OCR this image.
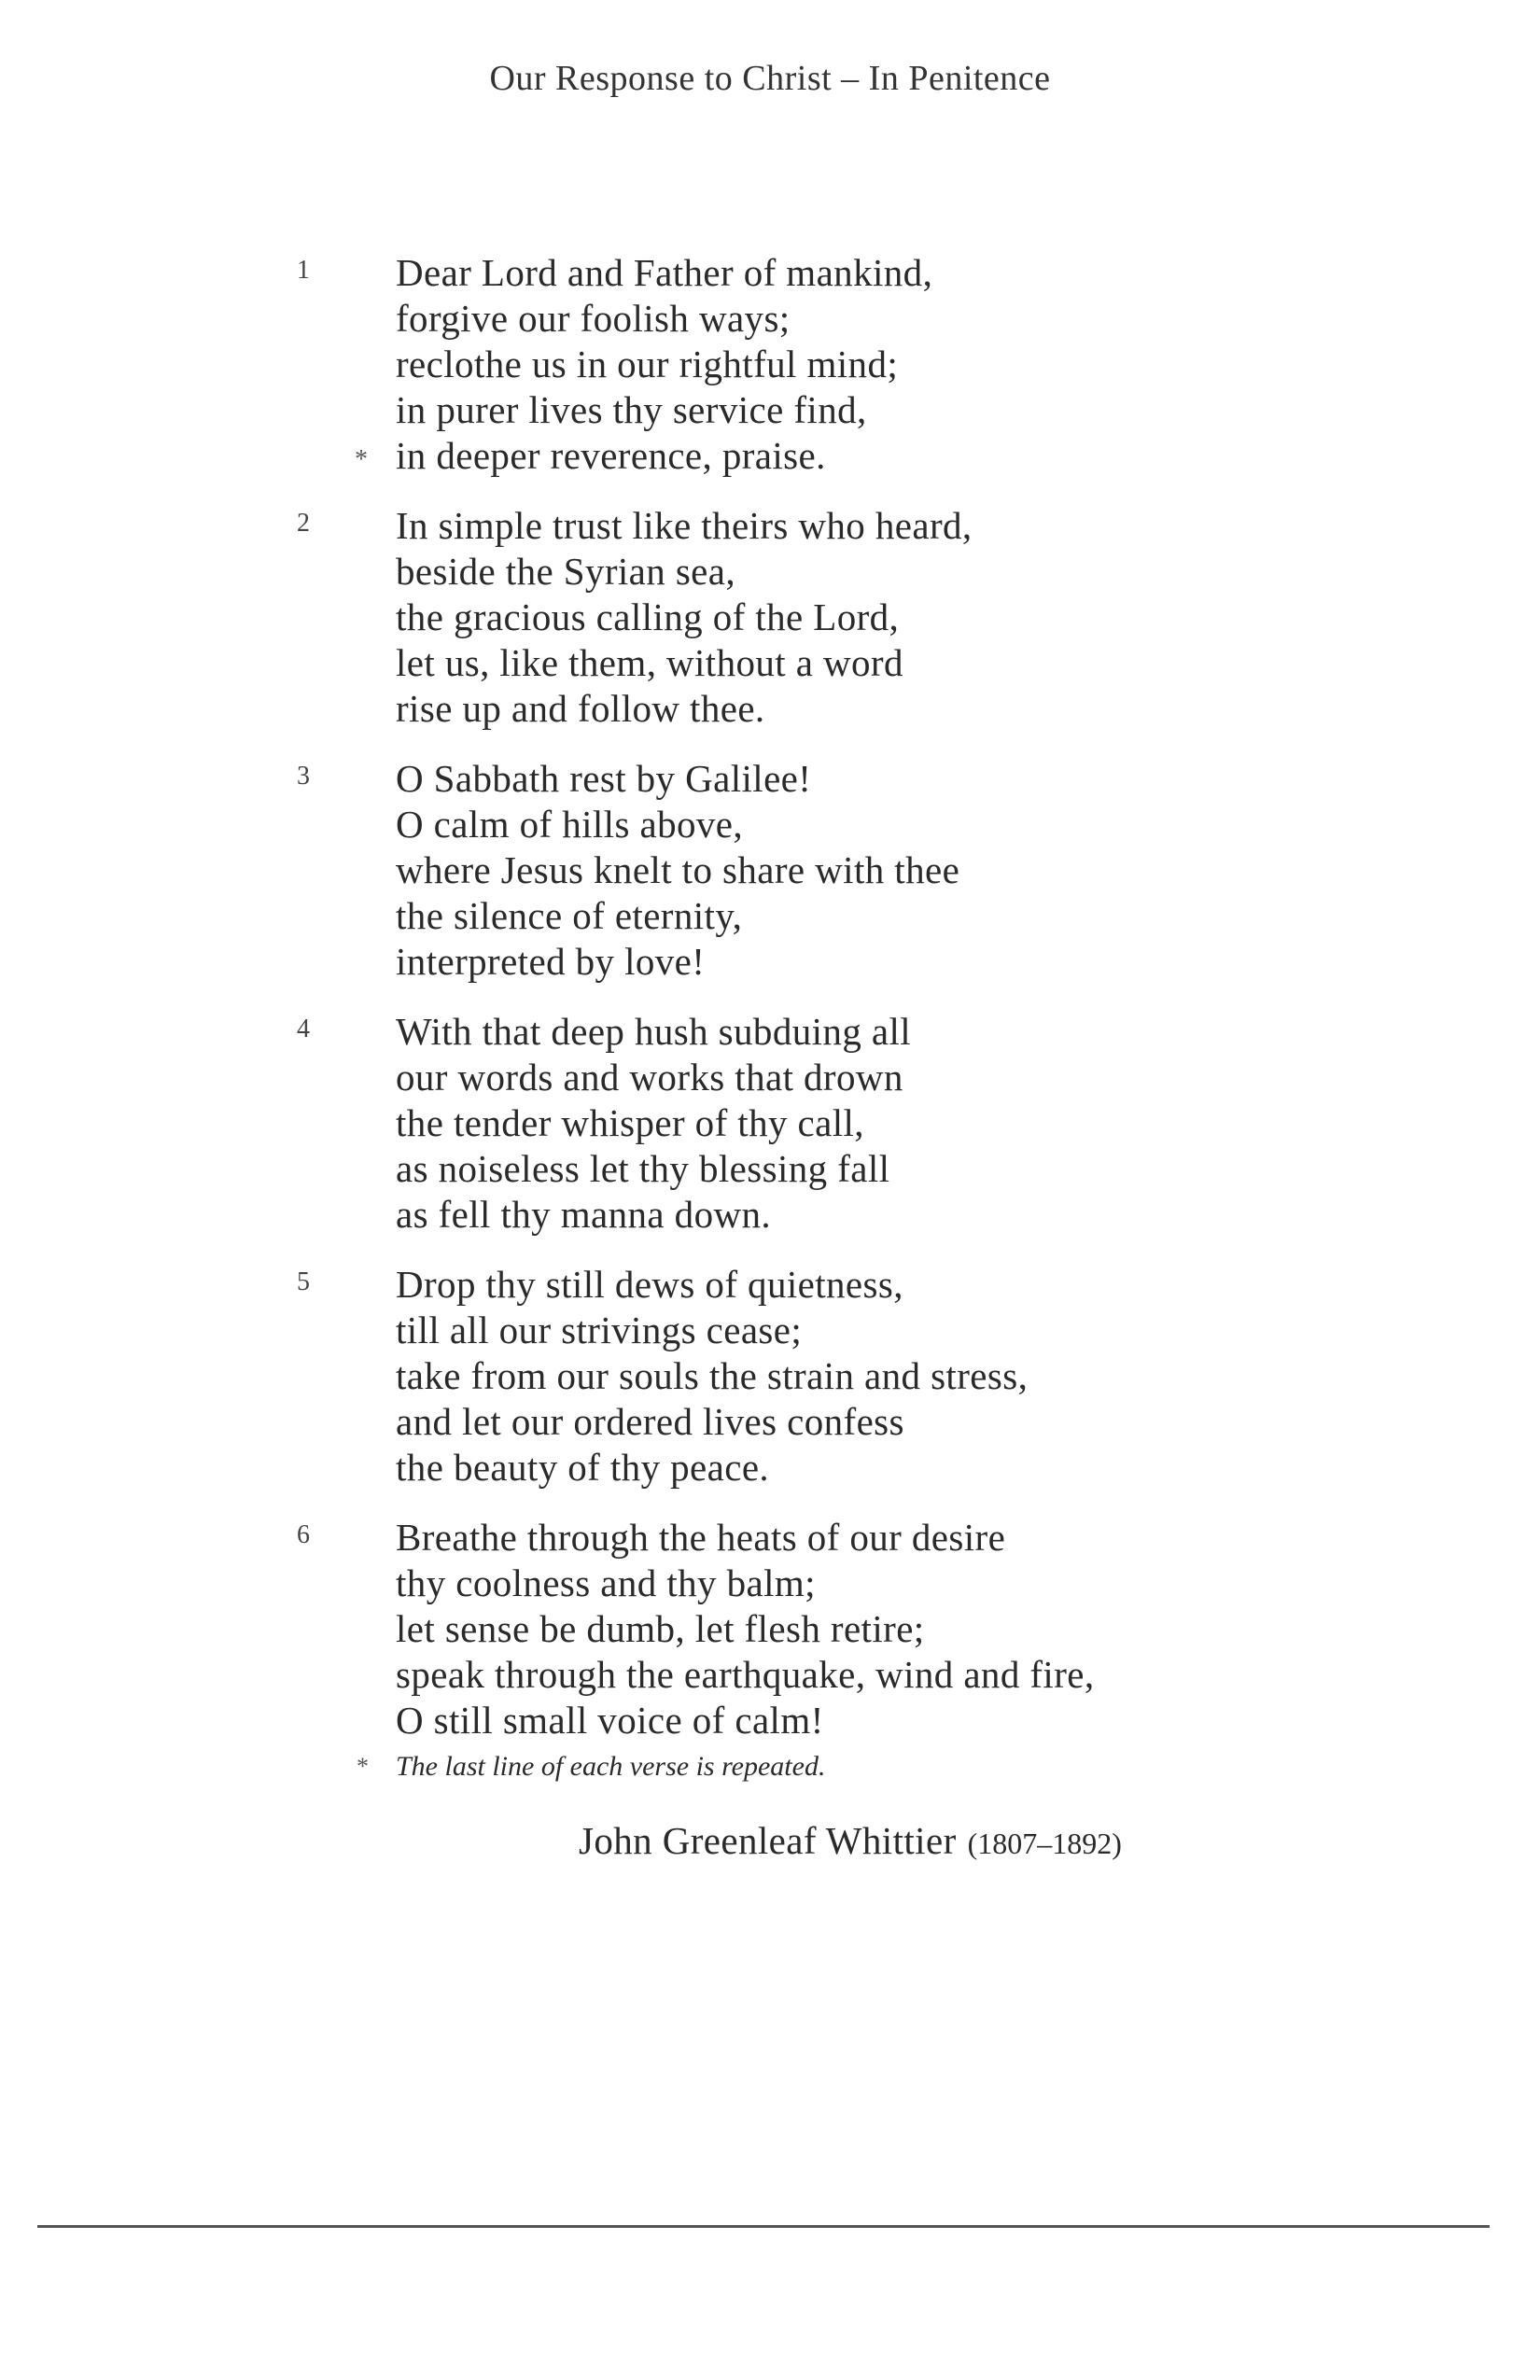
Our Response to Christ – In Penitence
1	Dear Lord and Father of mankind,
forgive our foolish ways;
reclothe us in our rightful mind;
in purer lives thy service find,
* in deeper reverence, praise.
2	In simple trust like theirs who heard,
beside the Syrian sea,
the gracious calling of the Lord,
let us, like them, without a word
rise up and follow thee.
3	O Sabbath rest by Galilee!
O calm of hills above,
where Jesus knelt to share with thee
the silence of eternity,
interpreted by love!
4	With that deep hush subduing all
our words and works that drown
the tender whisper of thy call,
as noiseless let thy blessing fall
as fell thy manna down.
5	Drop thy still dews of quietness,
till all our strivings cease;
take from our souls the strain and stress,
and let our ordered lives confess
the beauty of thy peace.
6	Breathe through the heats of our desire
thy coolness and thy balm;
let sense be dumb, let flesh retire;
speak through the earthquake, wind and fire,
O still small voice of calm!
* The last line of each verse is repeated.
John Greenleaf Whittier (1807–1892)
